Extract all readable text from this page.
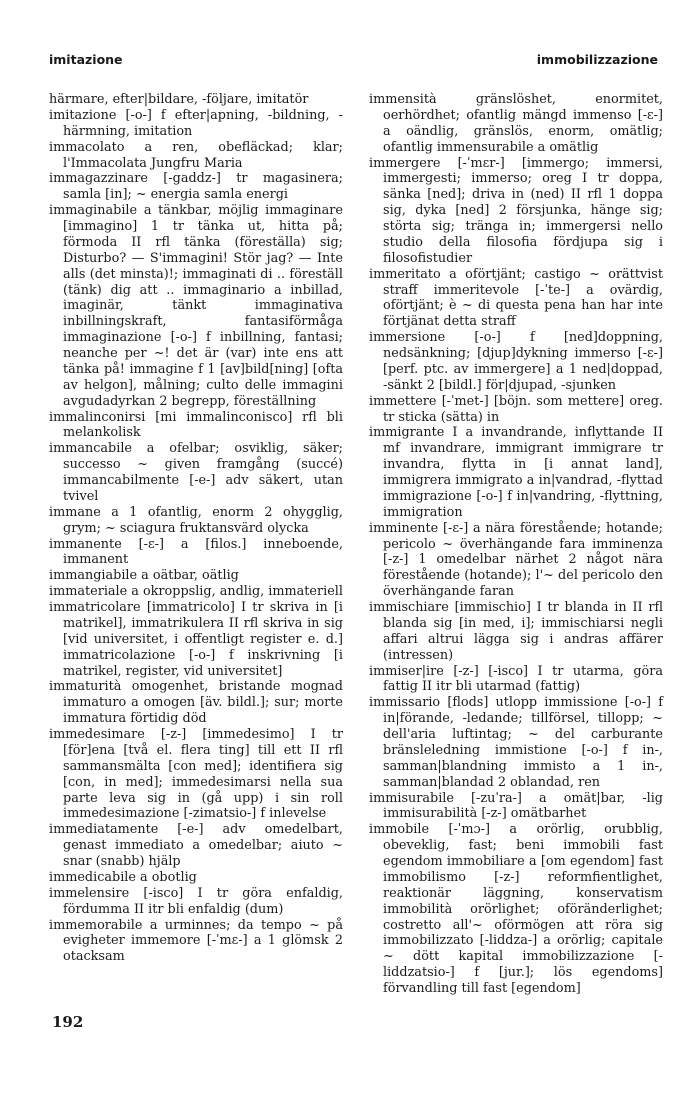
imitazione	immobilizzazione

härmare, efter|bildare, -följare, imitatör

imitazione [-o-] f efter|apning, -bildning, -härmning, imitation

immacolato a ren, obefläckad; klar; l'Immacolata Jungfru Maria

immagazzinare [-gaddz-] tr magasinera; samla [in]; ~ energia samla energi

immaginabile a tänkbar, möjlig immaginare [immagino] 1 tr tänka ut, hitta på; förmoda II rfl tänka (föreställa) sig; Disturbo? — S'immagini! Stör jag? — Inte alls (det minsta)!; immaginati di .. föreställ (tänk) dig att .. immaginario a inbillad, imaginär, tänkt immaginativa inbillningskraft, fantasiförmåga immaginazione [-o-] f inbillning, fantasi; neanche per ~! det är (var) inte ens att tänka på! immagine f 1 [av]bild[ning] [ofta av helgon], målning; culto delle immagini avgudadyrkan 2 begrepp, föreställning

immalinconirsi [mi immalinconisco] rfl bli melankolisk

immancabile a ofelbar; osviklig, säker; successo ~ given framgång (succé) immancabilmente [-e-] adv säkert, utan tvivel

immane a 1 ofantlig, enorm 2 ohygglig, grym; ~ sciagura fruktansvärd olycka

immanente [-ɛ-] a [filos.] inneboende, immanent

immangiabile a oätbar, oätlig

immateriale a okroppslig, andlig, immateriell

immatricolare [immatricolo] I tr skriva in [i matrikel], immatrikulera II rfl skriva in sig [vid universitet, i offentligt register e. d.] immatricolazione [-o-] f inskrivning [i matrikel, register, vid universitet]

immaturità omogenhet, bristande mognad immaturo a omogen [äv. bildl.]; sur; morte immatura förtidig död

immedesimare [-z-] [immedesimo] I tr [för]ena [två el. flera ting] till ett II rfl sammansmälta [con med]; identifiera sig [con, in med]; immedesimarsi nella sua parte leva sig in (gå upp) i sin roll immedesimazione [-zimatsio-] f inlevelse

immediatamente [-e-] adv omedelbart, genast immediato a omedelbar; aiuto ~ snar (snabb) hjälp

immedicabile a obotlig

immelensire [-isco] I tr göra enfaldig, fördumma II itr bli enfaldig (dum)

immemorabile a urminnes; da tempo ~ på evigheter immemore [-ˈmɛ-] a 1 glömsk 2 otacksam

immensità gränslöshet, enormitet, oerhördhet; ofantlig mängd immenso [-ɛ-] a oändlig, gränslös, enorm, omätlig; ofantlig immensurabile a omätlig

immergere [-ˈmɛr-] [immergo; immersi, immergesti; immerso; oreg I tr doppa, sänka [ned]; driva in (ned) II rfl 1 doppa sig, dyka [ned] 2 försjunka, hänge sig; störta sig; tränga in; immergersi nello studio della filosofia fördjupa sig i filosofistudier

immeritato a oförtjänt; castigo ~ orättvist straff immeritevole [-ˈte-] a ovärdig, oförtjänt; è ~ di questa pena han har inte förtjänat detta straff

immersione [-o-] f [ned]doppning, nedsänkning; [djup]dykning immerso [-ɛ-] [perf. ptc. av immergere] a 1 ned|doppad, -sänkt 2 [bildl.] för|djupad, -sjunken

immettere [-ˈmet-] [böjn. som mettere] oreg. tr sticka (sätta) in

immigrante I a invandrande, inflyttande II mf invandrare, immigrant immigrare tr invandra, flytta in [i annat land], immigrera immigrato a in|vandrad, -flyttad immigrazione [-o-] f in|vandring, -flyttning, immigration

imminente [-ɛ-] a nära förestående; hotande; pericolo ~ överhängande fara imminenza [-z-] 1 omedelbar närhet 2 något nära förestående (hotande); l'~ del pericolo den överhängande faran

immischiare [immischio] I tr blanda in II rfl blanda sig [in med, i]; immischiarsi negli affari altrui lägga sig i andras affärer (intressen)

immiser|ire [-z-] [-isco] I tr utarma, göra fattig II itr bli utarmad (fattig)

immissario [flods] utlopp immissione [-o-] f in|förande, -ledande; tillförsel, tillopp; ~ dell'aria luftintag; ~ del carburante bränsleledning immistione [-o-] f in-, samman|blandning immisto a 1 in-, samman|blandad 2 oblandad, ren

immisurabile [-zuˈra-] a omät|bar, -lig immisurabilità [-z-] omätbarhet

immobile [-ˈmɔ-] a orörlig, orubblig, obeveklig, fast; beni immobili fast egendom immobiliare a [om egendom] fast immobilismo [-z-] reformfientlighet, reaktionär läggning, konservatism immobilità orörlighet; oföränderlighet; costretto all'~ oförmögen att röra sig immobilizzato [-liddza-] a orörlig; capitale ~ dött kapital immobilizzazione [-liddzatsio-] f [jur.]; lös egendoms] förvandling till fast [egendom]

192
